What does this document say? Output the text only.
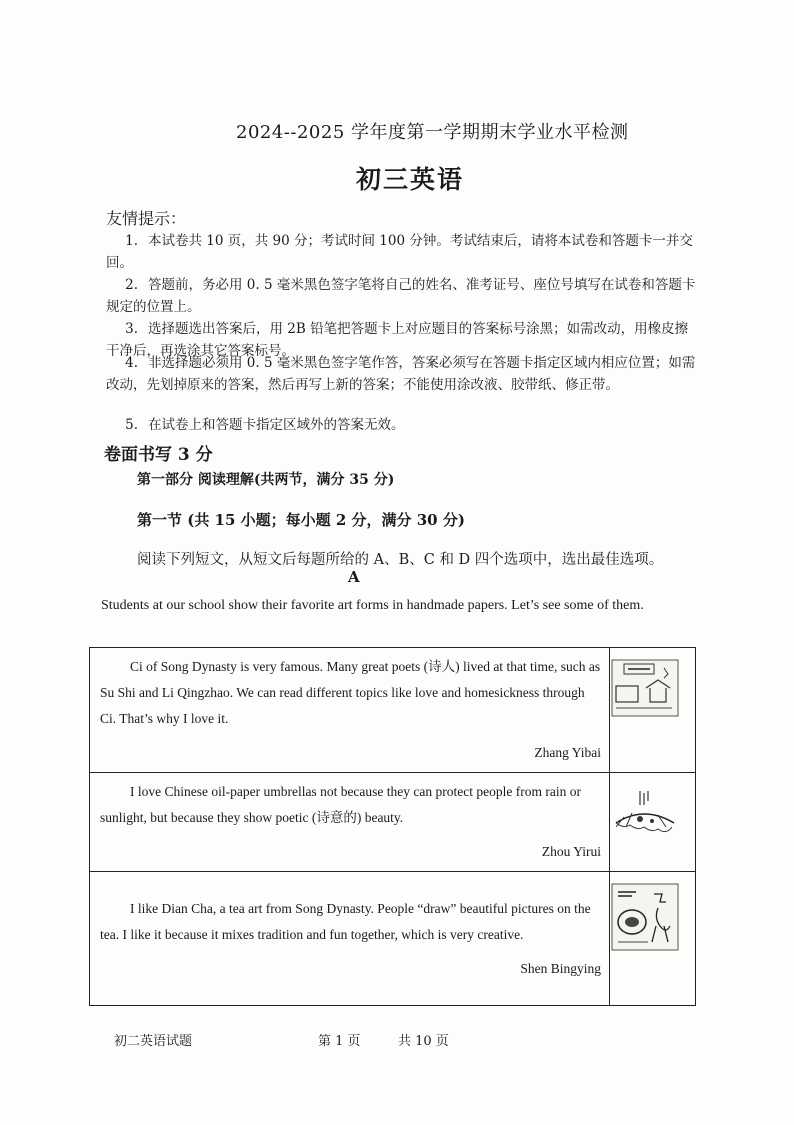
2024--2025 学年度第一学期期末学业水平检测
初三英语
友情提示：
1. 本试卷共 10 页，共 90 分；考试时间 100 分钟。考试结束后，请将本试卷和答题卡一并交回。
2. 答题前，务必用 0. 5 毫米黑色签字笔将自己的姓名、准考证号、座位号填写在试卷和答题卡规定的位置上。
3. 选择题选出答案后，用 2B 铅笔把答题卡上对应题目的答案标号涂黑；如需改动，用橡皮擦干净后，再选涂其它答案标号。
4. 非选择题必须用 0. 5 毫米黑色签字笔作答，答案必须写在答题卡指定区域内相应位置；如需改动，先划掉原来的答案，然后再写上新的答案；不能使用涂改液、胶带纸、修正带。
5. 在试卷上和答题卡指定区域外的答案无效。
卷面书写 3 分
第一部分 阅读理解(共两节，满分 35 分)
第一节 (共 15 小题；每小题 2 分，满分 30 分)
阅读下列短文，从短文后每题所给的 A、B、C 和 D 四个选项中，选出最佳选项。
A
Students at our school show their favorite art forms in handmade papers. Let’s see some of them.

Ci of Song Dynasty is very famous. Many great poets (诗人) lived at that time, such as Su Shi and Li Qingzhao. We can read different topics like love and homesickness through Ci. That’s why I love it.

Zhang Yibai

I love Chinese oil-paper umbrellas not because they can protect people from rain or sunlight, but because they show poetic (诗意的) beauty.

Zhou Yirui

I like Dian Cha, a tea art from Song Dynasty. People “draw” beautiful pictures on the tea. I like it because it mixes tradition and fun together, which is very creative.

Shen Bingying

初二英语试题	第 1 页	共 10 页
